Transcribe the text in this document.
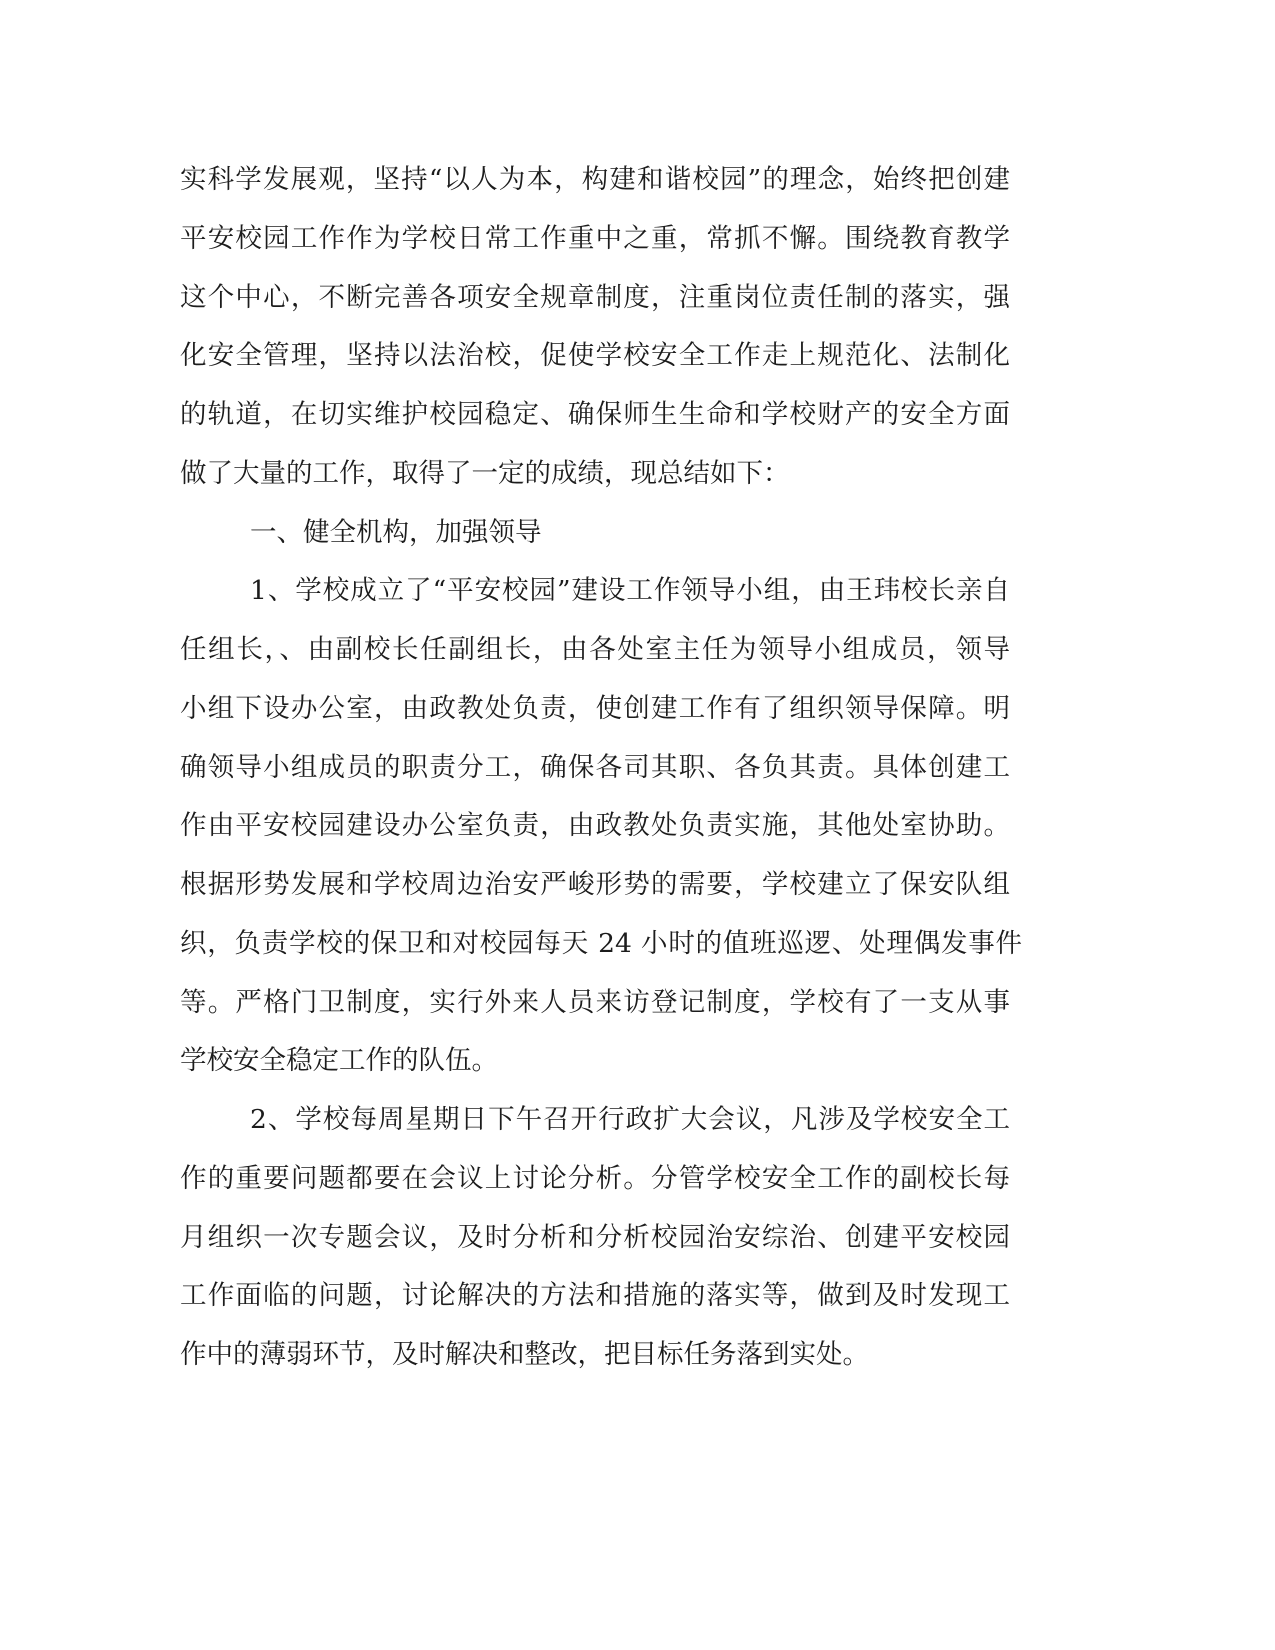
实科学发展观，坚持“以人为本，构建和谐校园”的理念，始终把创建
平安校园工作作为学校日常工作重中之重，常抓不懈。围绕教育教学
这个中心，不断完善各项安全规章制度，注重岗位责任制的落实，强
化安全管理，坚持以法治校，促使学校安全工作走上规范化、法制化
的轨道，在切实维护校园稳定、确保师生生命和学校财产的安全方面
做了大量的工作，取得了一定的成绩，现总结如下：
一、健全机构，加强领导
1、学校成立了“平安校园”建设工作领导小组，由王玮校长亲自
任组长，、由副校长任副组长，由各处室主任为领导小组成员，领导
小组下设办公室，由政教处负责，使创建工作有了组织领导保障。明
确领导小组成员的职责分工，确保各司其职、各负其责。具体创建工
作由平安校园建设办公室负责，由政教处负责实施，其他处室协助。
根据形势发展和学校周边治安严峻形势的需要，学校建立了保安队组
织，负责学校的保卫和对校园每天 24 小时的值班巡逻、处理偶发事件
等。严格门卫制度，实行外来人员来访登记制度，学校有了一支从事
学校安全稳定工作的队伍。
2、学校每周星期日下午召开行政扩大会议，凡涉及学校安全工
作的重要问题都要在会议上讨论分析。分管学校安全工作的副校长每
月组织一次专题会议，及时分析和分析校园治安综治、创建平安校园
工作面临的问题，讨论解决的方法和措施的落实等，做到及时发现工
作中的薄弱环节，及时解决和整改，把目标任务落到实处。
